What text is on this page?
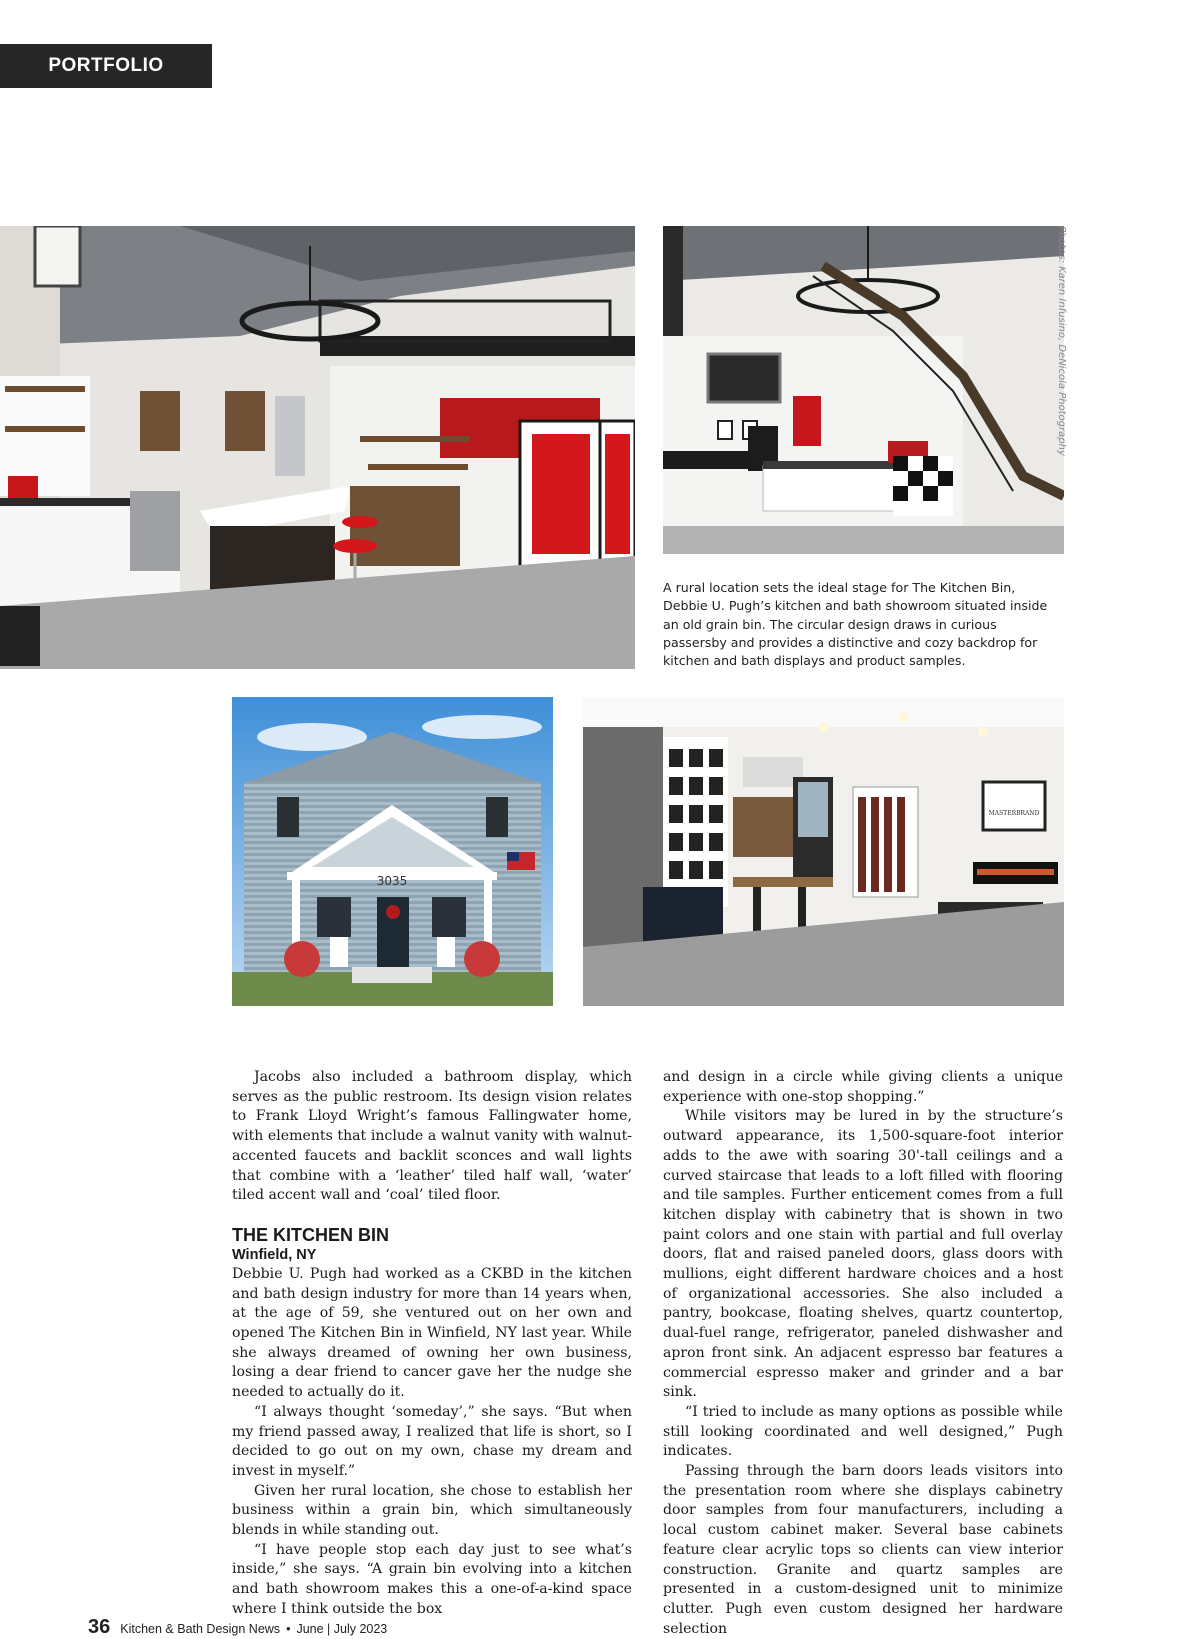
PORTFOLIO
3035
MASTERBRAND
Photos: Karen Infusino, DeNicola Photography
A rural location sets the ideal stage for The Kitchen Bin, Debbie U. Pugh’s kitchen and bath showroom situated inside an old grain bin. The circular design draws in curious passersby and provides a distinctive and cozy backdrop for kitchen and bath displays and product samples.

Jacobs also included a bathroom display, which serves as the public restroom. Its design vision relates to Frank Lloyd Wright’s famous Fallingwater home, with elements that include a walnut vanity with walnut-accented faucets and backlit sconces and wall lights that combine with a ‘leather’ tiled half wall, ‘water’ tiled accent wall and ‘coal’ tiled floor.

THE KITCHEN BIN
Winfield, NY

Debbie U. Pugh had worked as a CKBD in the kitchen and bath design industry for more than 14 years when, at the age of 59, she ventured out on her own and opened The Kitchen Bin in Winfield, NY last year. While she always dreamed of owning her own business, losing a dear friend to cancer gave her the nudge she needed to actually do it.

“I always thought ‘someday’,” she says. “But when my friend passed away, I realized that life is short, so I decided to go out on my own, chase my dream and invest in myself.”

Given her rural location, she chose to establish her business within a grain bin, which simultaneously blends in while standing out.

“I have people stop each day just to see what’s inside,” she says. “A grain bin evolving into a kitchen and bath showroom makes this a one-of-a-kind space where I think outside the box

and design in a circle while giving clients a unique experience with one-stop shopping.”

While visitors may be lured in by the structure’s outward appearance, its 1,500-square-foot interior adds to the awe with soaring 30'-tall ceilings and a curved staircase that leads to a loft filled with flooring and tile samples. Further enticement comes from a full kitchen display with cabinetry that is shown in two paint colors and one stain with partial and full overlay doors, flat and raised paneled doors, glass doors with mullions, eight different hardware choices and a host of organizational accessories. She also included a pantry, bookcase, floating shelves, quartz countertop, dual-fuel range, refrigerator, paneled dishwasher and apron front sink. An adjacent espresso bar features a commercial espresso maker and grinder and a bar sink.

“I tried to include as many options as possible while still looking coordinated and well designed,” Pugh indicates.

Passing through the barn doors leads visitors into the presentation room where she displays cabinetry door samples from four manufacturers, including a local custom cabinet maker. Several base cabinets feature clear acrylic tops so clients can view interior construction. Granite and quartz samples are presented in a custom-designed unit to minimize clutter. Pugh even custom designed her hardware selection

36 Kitchen & Bath Design News • June | July 2023
